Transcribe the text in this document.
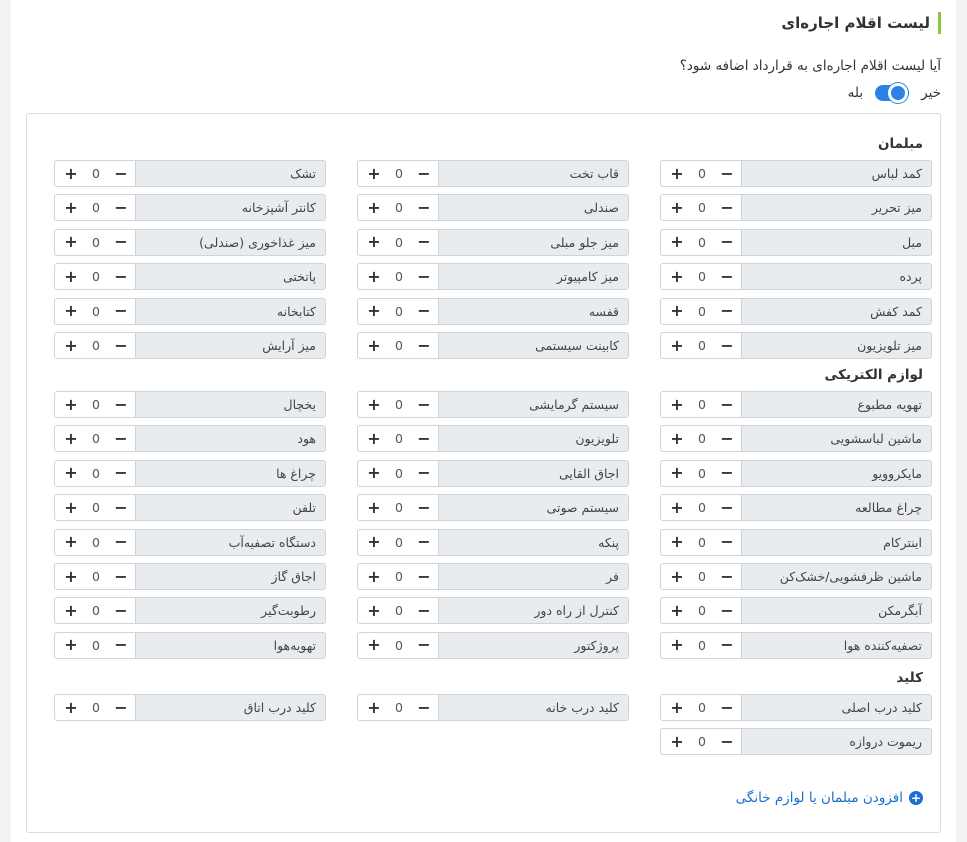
لیست اقلام اجاره‌ای
آیا لیست اقلام اجاره‌ای به قرارداد اضافه شود؟
خیر
بله
+
افزودن مبلمان یا لوازم خانگی
مبلمان
کمد لباس
+	0 −
قاب تخت
+	0 −
تشک
+	0 −
میز تحریر
+	0 −
صندلی
+	0 −
کانتر آشپزخانه
+	0 −
مبل
+	0 −
میز جلو مبلی
+	0 −
میز غذاخوری (صندلی)
+	0 −
پرده
+	0 −
میز کامپیوتر
+	0 −
پاتختی
+	0 −
کمد کفش
+	0 −
قفسه
+	0 −
کتابخانه
+	0 −
میز تلویزیون
+	0 −
کابینت سیستمی
+	0 −
میز آرایش
+	0 −
لوازم الکتریکی
تهویه مطبوع
+	0 −
سیستم گرمایشی
+	0 −
یخچال
+	0 −
ماشین لباسشویی
+	0 −
تلویزیون
+	0 −
هود
+	0 −
مایکروویو
+	0 −
اجاق القایی
+	0 −
چراغ ها
+	0 −
چراغ مطالعه
+	0 −
سیستم صوتی
+	0 −
تلفن
+	0 −
اینترکام
+	0 −
پنکه
+	0 −
دستگاه تصفیه‌آب
+	0 −
ماشین ظرفشویی/خشک‌کن
+	0 −
فر
+	0 −
اجاق گاز
+	0 −
آبگرمکن
+	0 −
کنترل از راه دور
+	0 −
رطوبت‌گیر
+	0 −
تصفیه‌کننده هوا
+	0 −
پروژکتور
+	0 −
تهویه‌هوا
+	0 −
کلید
کلید درب اصلی
+	0 −
کلید درب خانه
+	0 −
کلید درب اتاق
+	0 −
ریموت دروازه
+	0 −
